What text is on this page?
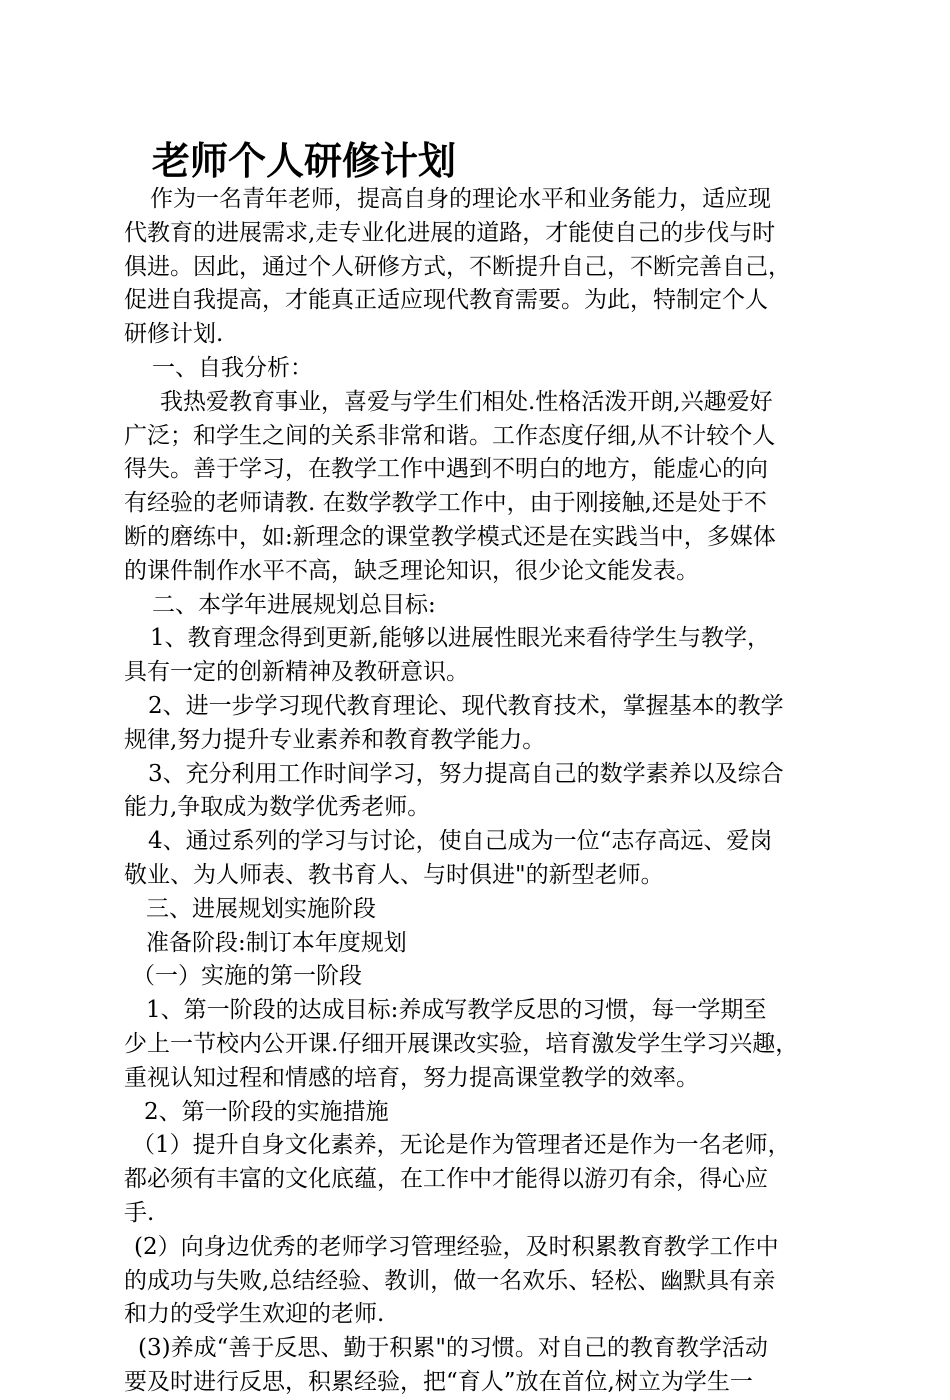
老师个人研修计划
作为一名青年老师，提高自身的理论水平和业务能力，适应现
代教育的进展需求,走专业化进展的道路，才能使自己的步伐与时
俱进。因此，通过个人研修方式，不断提升自己，不断完善自己，
促进自我提高，才能真正适应现代教育需要。为此，特制定个人
研修计划.
一、自我分析：
我热爱教育事业，喜爱与学生们相处.性格活泼开朗,兴趣爱好
广泛；和学生之间的关系非常和谐。工作态度仔细,从不计较个人
得失。善于学习，在教学工作中遇到不明白的地方，能虚心的向
有经验的老师请教. 在数学教学工作中，由于刚接触,还是处于不
断的磨练中，如:新理念的课堂教学模式还是在实践当中，多媒体
的课件制作水平不高，缺乏理论知识，很少论文能发表。
二、本学年进展规划总目标:
1、教育理念得到更新,能够以进展性眼光来看待学生与教学，
具有一定的创新精神及教研意识。
2、进一步学习现代教育理论、现代教育技术，掌握基本的教学
规律,努力提升专业素养和教育教学能力。
3、充分利用工作时间学习，努力提高自己的数学素养以及综合
能力,争取成为数学优秀老师。
4、通过系列的学习与讨论，使自己成为一位“志存高远、爱岗
敬业、为人师表、教书育人、与时俱进"的新型老师。
三、进展规划实施阶段
准备阶段:制订本年度规划
（一）实施的第一阶段
1、第一阶段的达成目标:养成写教学反思的习惯，每一学期至
少上一节校内公开课.仔细开展课改实验，培育激发学生学习兴趣，
重视认知过程和情感的培育，努力提高课堂教学的效率。
2、第一阶段的实施措施
（1）提升自身文化素养，无论是作为管理者还是作为一名老师，
都必须有丰富的文化底蕴，在工作中才能得以游刃有余，得心应
手.
(2）向身边优秀的老师学习管理经验，及时积累教育教学工作中
的成功与失败,总结经验、教训，做一名欢乐、轻松、幽默具有亲
和力的受学生欢迎的老师.
(3)养成“善于反思、勤于积累"的习惯。对自己的教育教学活动
要及时进行反思，积累经验，把“育人”放在首位,树立为学生一
